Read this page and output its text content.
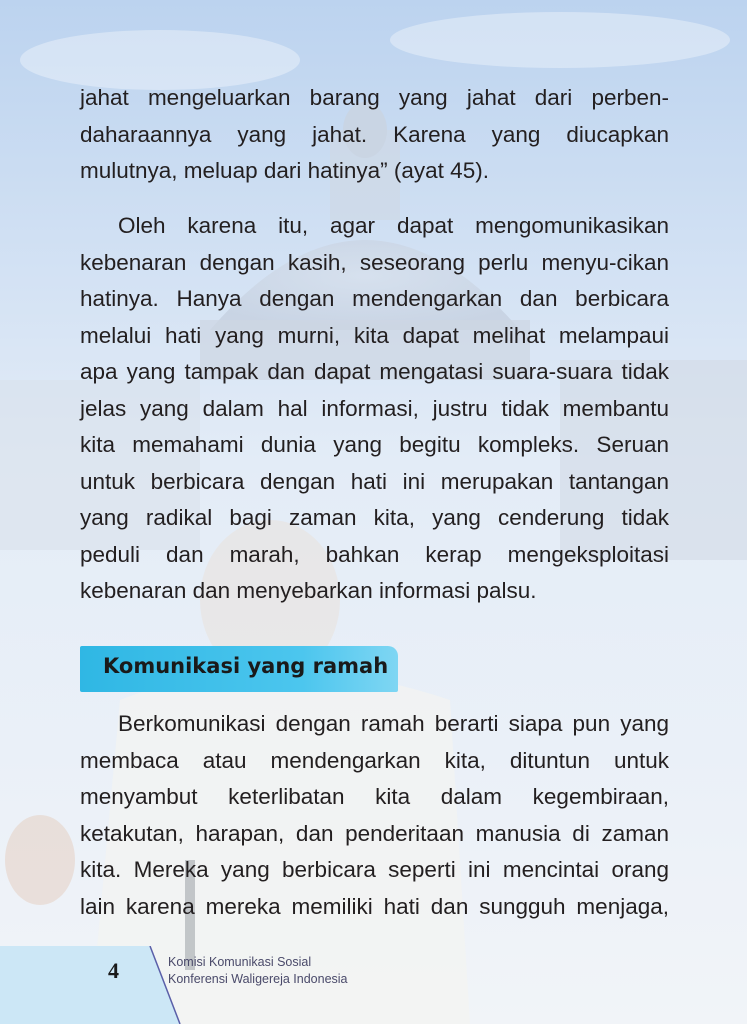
jahat mengeluarkan barang yang jahat dari perben-
daharaannya yang jahat. Karena yang diucapkan
mulutnya, meluap dari hatinya” (ayat 45).
Oleh karena itu, agar dapat mengomunikasikan
kebenaran dengan kasih, seseorang perlu menyu-cikan
hatinya. Hanya dengan mendengarkan dan berbicara
melalui hati yang murni, kita dapat melihat melampaui
apa yang tampak dan dapat mengatasi suara-suara tidak
jelas yang dalam hal informasi, justru tidak membantu
kita memahami dunia yang begitu kompleks. Seruan
untuk berbicara dengan hati ini merupakan tantangan
yang radikal bagi zaman kita, yang cenderung tidak
peduli dan marah, bahkan kerap mengeksploitasi
kebenaran dan menyebarkan informasi palsu.
Komunikasi yang ramah
Berkomunikasi dengan ramah berarti siapa pun yang
membaca atau mendengarkan kita, dituntun untuk
menyambut keterlibatan kita dalam kegembiraan,
ketakutan, harapan, dan penderitaan manusia di zaman
kita. Mereka yang berbicara seperti ini mencintai orang
lain karena mereka memiliki hati dan sungguh menjaga,
4	Komisi Komunikasi Sosial
Konferensi Waligereja Indonesia
